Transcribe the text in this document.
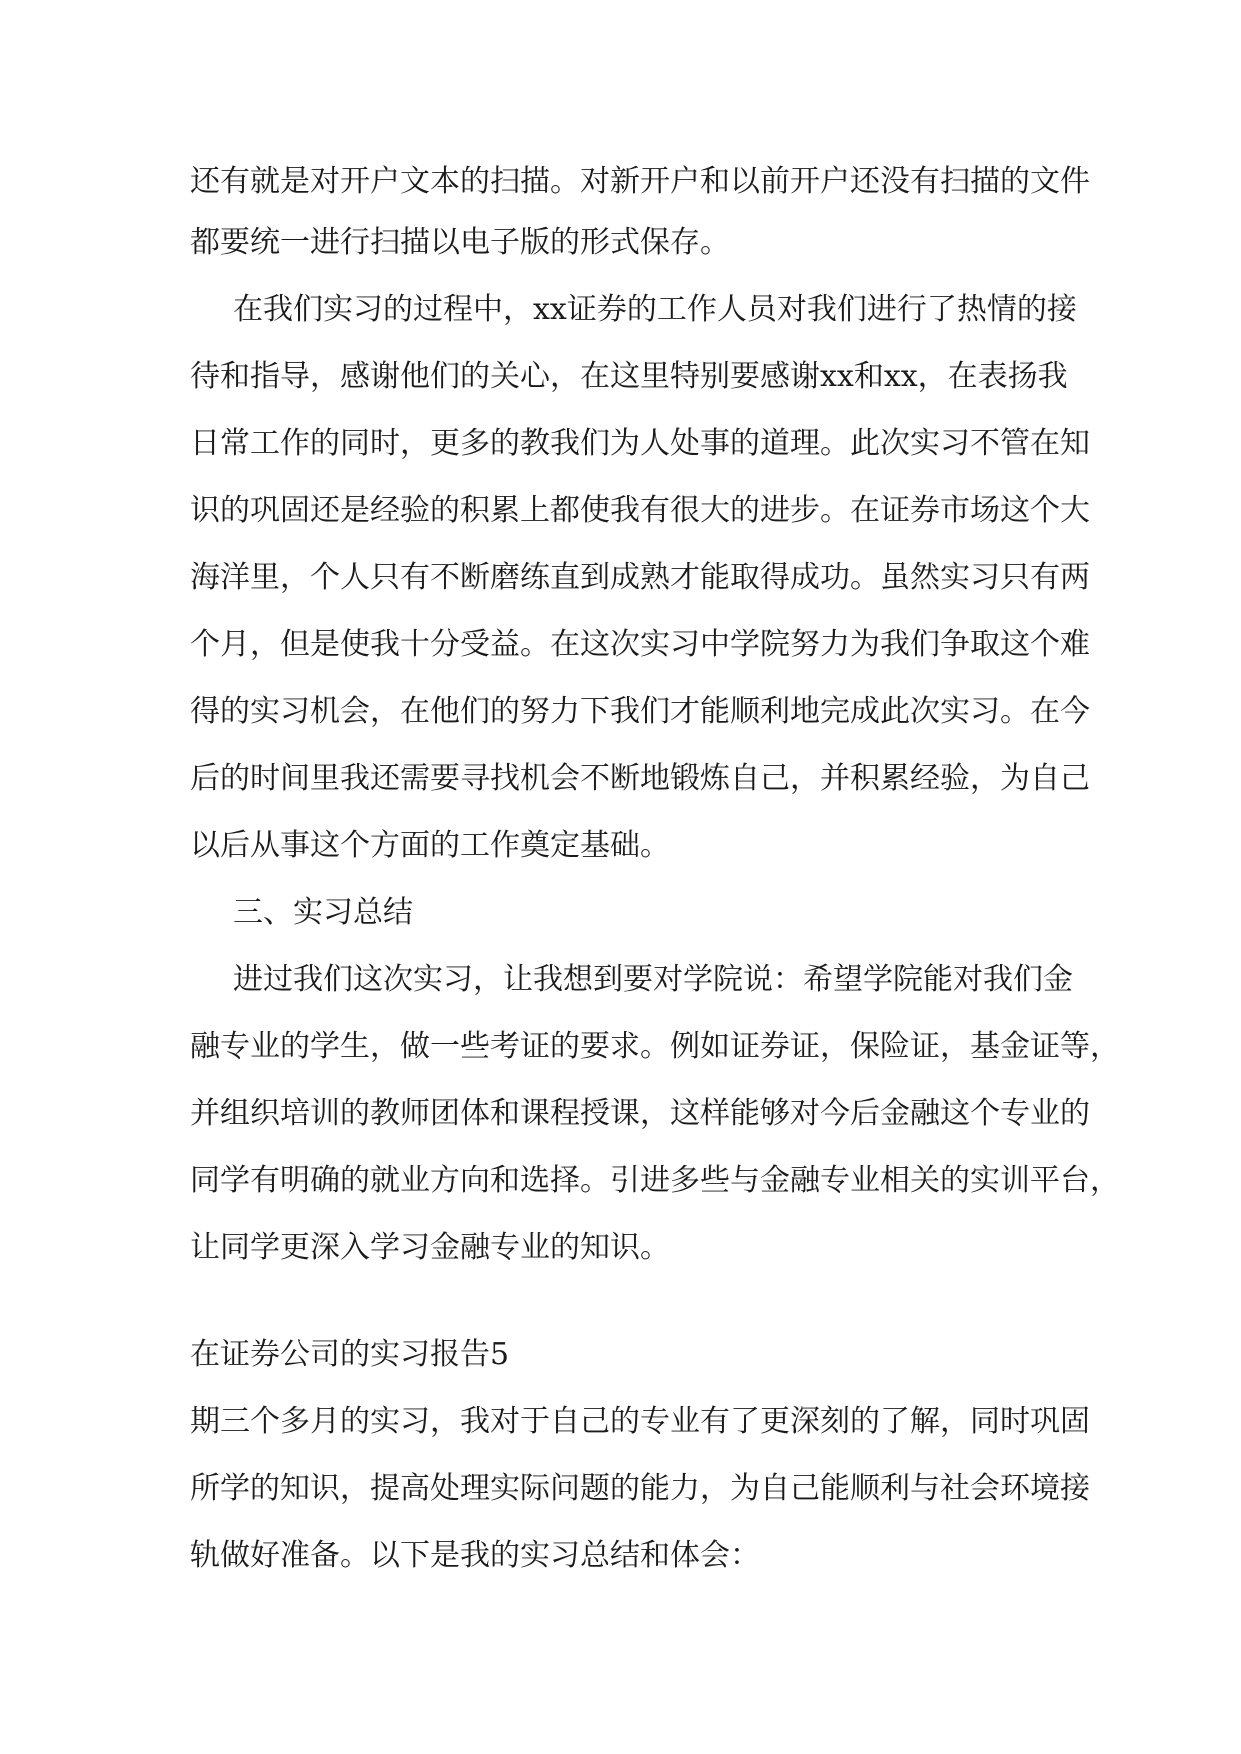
还有就是对开户文本的扫描。对新开户和以前开户还没有扫描的文件
都要统一进行扫描以电子版的形式保存。
在我们实习的过程中，xx证券的工作人员对我们进行了热情的接
待和指导，感谢他们的关心，在这里特别要感谢xx和xx，在表扬我
日常工作的同时，更多的教我们为人处事的道理。此次实习不管在知
识的巩固还是经验的积累上都使我有很大的进步。在证券市场这个大
海洋里，个人只有不断磨练直到成熟才能取得成功。虽然实习只有两
个月，但是使我十分受益。在这次实习中学院努力为我们争取这个难
得的实习机会，在他们的努力下我们才能顺利地完成此次实习。在今
后的时间里我还需要寻找机会不断地锻炼自己，并积累经验，为自己
以后从事这个方面的工作奠定基础。
三、实习总结
进过我们这次实习，让我想到要对学院说：希望学院能对我们金
融专业的学生，做一些考证的要求。例如证券证，保险证，基金证等，
并组织培训的教师团体和课程授课，这样能够对今后金融这个专业的
同学有明确的就业方向和选择。引进多些与金融专业相关的实训平台，
让同学更深入学习金融专业的知识。
在证券公司的实习报告5
期三个多月的实习，我对于自己的专业有了更深刻的了解，同时巩固
所学的知识，提高处理实际问题的能力，为自己能顺利与社会环境接
轨做好准备。以下是我的实习总结和体会：
